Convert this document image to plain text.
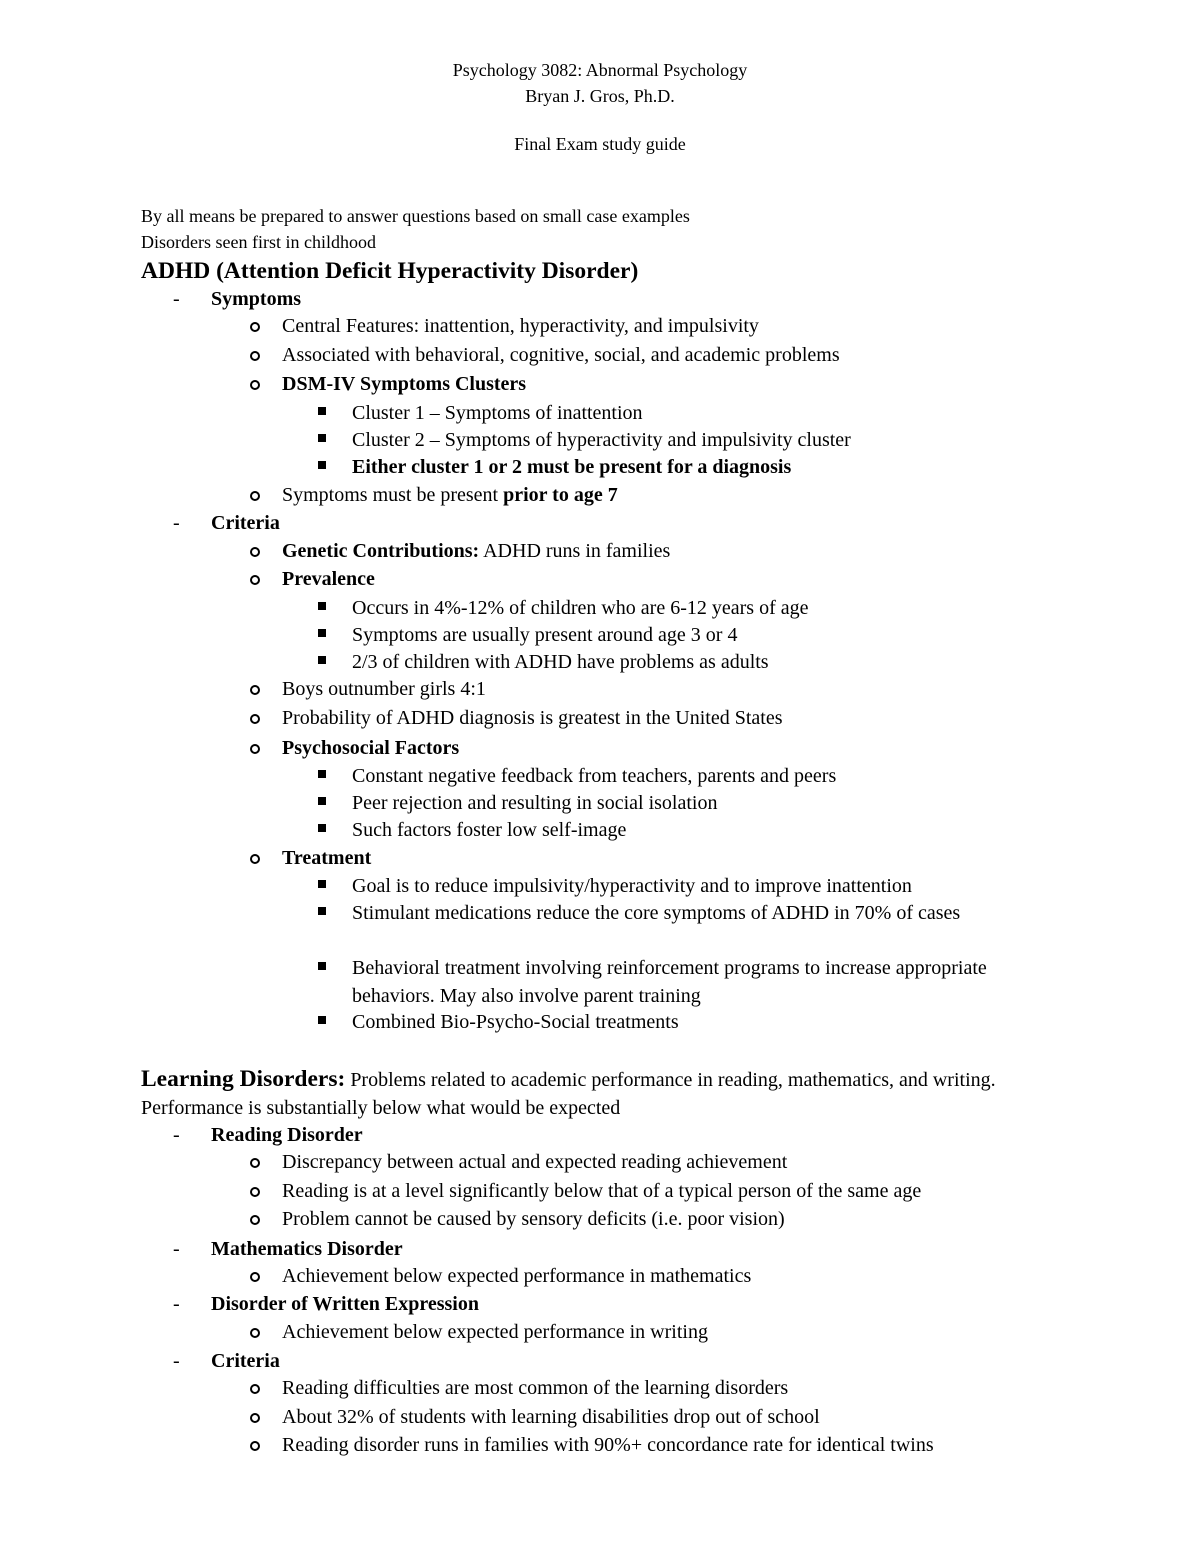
Psychology 3082: Abnormal Psychology
Bryan J. Gros, Ph.D.
Final Exam study guide
By all means be prepared to answer questions based on small case examples
Disorders seen first in childhood
ADHD (Attention Deficit Hyperactivity Disorder)
- Symptoms
Central Features: inattention, hyperactivity, and impulsivity
Associated with behavioral, cognitive, social, and academic problems
DSM-IV Symptoms Clusters
Cluster 1 – Symptoms of inattention
Cluster 2 – Symptoms of hyperactivity and impulsivity cluster
Either cluster 1 or 2 must be present for a diagnosis
Symptoms must be present prior to age 7
- Criteria
Genetic Contributions: ADHD runs in families
Prevalence
Occurs in 4%-12% of children who are 6-12 years of age
Symptoms are usually present around age 3 or 4
2/3 of children with ADHD have problems as adults
Boys outnumber girls 4:1
Probability of ADHD diagnosis is greatest in the United States
Psychosocial Factors
Constant negative feedback from teachers, parents and peers
Peer rejection and resulting in social isolation
Such factors foster low self-image
Treatment
Goal is to reduce impulsivity/hyperactivity and to improve inattention
Stimulant medications reduce the core symptoms of ADHD in 70% of cases
Behavioral treatment involving reinforcement programs to increase appropriate behaviors. May also involve parent training
Combined Bio-Psycho-Social treatments
Learning Disorders: Problems related to academic performance in reading, mathematics, and writing. Performance is substantially below what would be expected
- Reading Disorder
Discrepancy between actual and expected reading achievement
Reading is at a level significantly below that of a typical person of the same age
Problem cannot be caused by sensory deficits (i.e. poor vision)
- Mathematics Disorder
Achievement below expected performance in mathematics
- Disorder of Written Expression
Achievement below expected performance in writing
- Criteria
Reading difficulties are most common of the learning disorders
About 32% of students with learning disabilities drop out of school
Reading disorder runs in families with 90%+ concordance rate for identical twins
